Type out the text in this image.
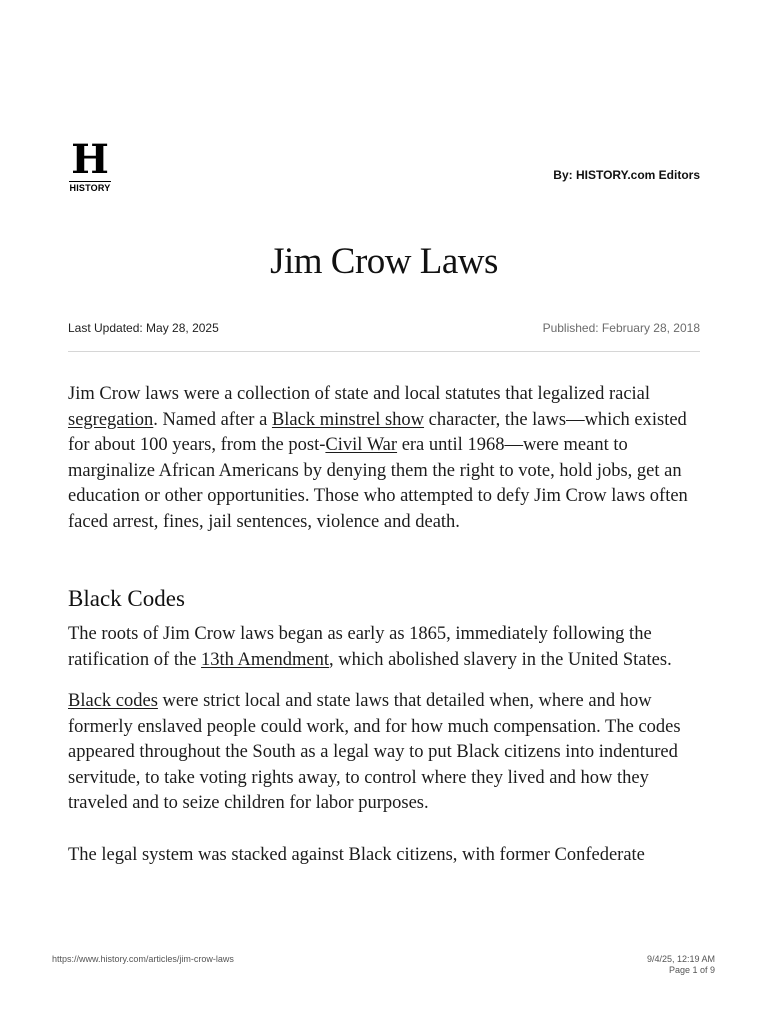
H
HISTORY
By: HISTORY.com Editors
Jim Crow Laws
Last Updated: May 28, 2025	Published: February 28, 2018

Jim Crow laws were a collection of state and local statutes that legalized racial segregation. Named after a Black minstrel show character, the laws—which existed for about 100 years, from the post-Civil War era until 1968—were meant to marginalize African Americans by denying them the right to vote, hold jobs, get an education or other opportunities. Those who attempted to defy Jim Crow laws often faced arrest, fines, jail sentences, violence and death.

Black Codes

The roots of Jim Crow laws began as early as 1865, immediately following the ratification of the 13th Amendment, which abolished slavery in the United States.

Black codes were strict local and state laws that detailed when, where and how formerly enslaved people could work, and for how much compensation. The codes appeared throughout the South as a legal way to put Black citizens into indentured servitude, to take voting rights away, to control where they lived and how they traveled and to seize children for labor purposes.

The legal system was stacked against Black citizens, with former Confederate

https://www.history.com/articles/jim-crow-laws	9/4/25, 12:19 AM
Page 1 of 9
